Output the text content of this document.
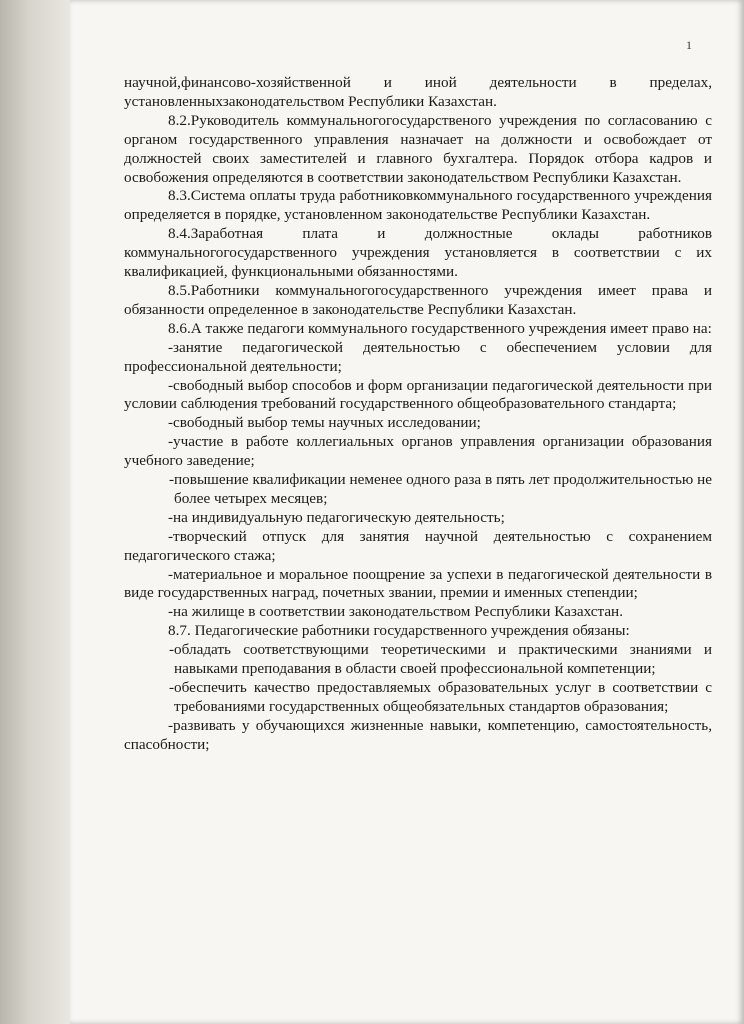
1

научной,финансово-хозяйственной и иной деятельности в пределах, установленныхзаконодательством Республики Казахстан.

8.2.Руководитель коммунальногогосударственого учреждения по согласованию с органом государственного управления назначает на должности и освобождает от должностей своих заместителей и главного бухгалтера. Порядок отбора кадров и освобожения определяются в соответствии законодательством Республики Казахстан.

8.3.Система оплаты труда работниковкоммунального государственного учреждения определяется в порядке, установленном законодательстве Республики Казахстан.

8.4.Заработная плата и должностные оклады работников коммунальногогосударственного учреждения установляется в соответствии с их квалификацией, функциональными обязанностями.

8.5.Работники коммунальногогосударственного учреждения имеет права и обязанности определенное в законодательстве Республики Казахстан.

8.6.А также педагоги коммунального государственного учреждения имеет право на:

-занятие педагогической деятельностью с обеспечением условии для профессиональной деятельности;

-свободный выбор способов и форм организации педагогической деятельности при условии саблюдения требований государственного общеобразовательного стандарта;

-свободный выбор темы научных исследовании;

-участие в работе коллегиальных органов управления организации образования учебного заведение;

-повышение квалификации неменее одного раза в пять лет продолжительностью не более четырех месяцев;

-на индивидуальную педагогическую деятельность;

-творческий отпуск для занятия научной деятельностью с сохранением педагогического стажа;

-материальное и моральное поощрение за успехи в педагогической деятельности в виде государственных наград, почетных звании, премии и именных степендии;

-на жилище в соответствии законодательством Республики Казахстан.

8.7. Педагогические работники государственного учреждения обязаны:

-обладать соответствующими теоретическими и практическими знаниями и навыками преподавания в области своей профессиональной компетенции;

-обеспечить качество предоставляемых образовательных услуг в соответствии с требованиями государственных общеобязательных стандартов образования;

-развивать у обучающихся жизненные навыки, компетенцию, самостоятельность, спасобности;
